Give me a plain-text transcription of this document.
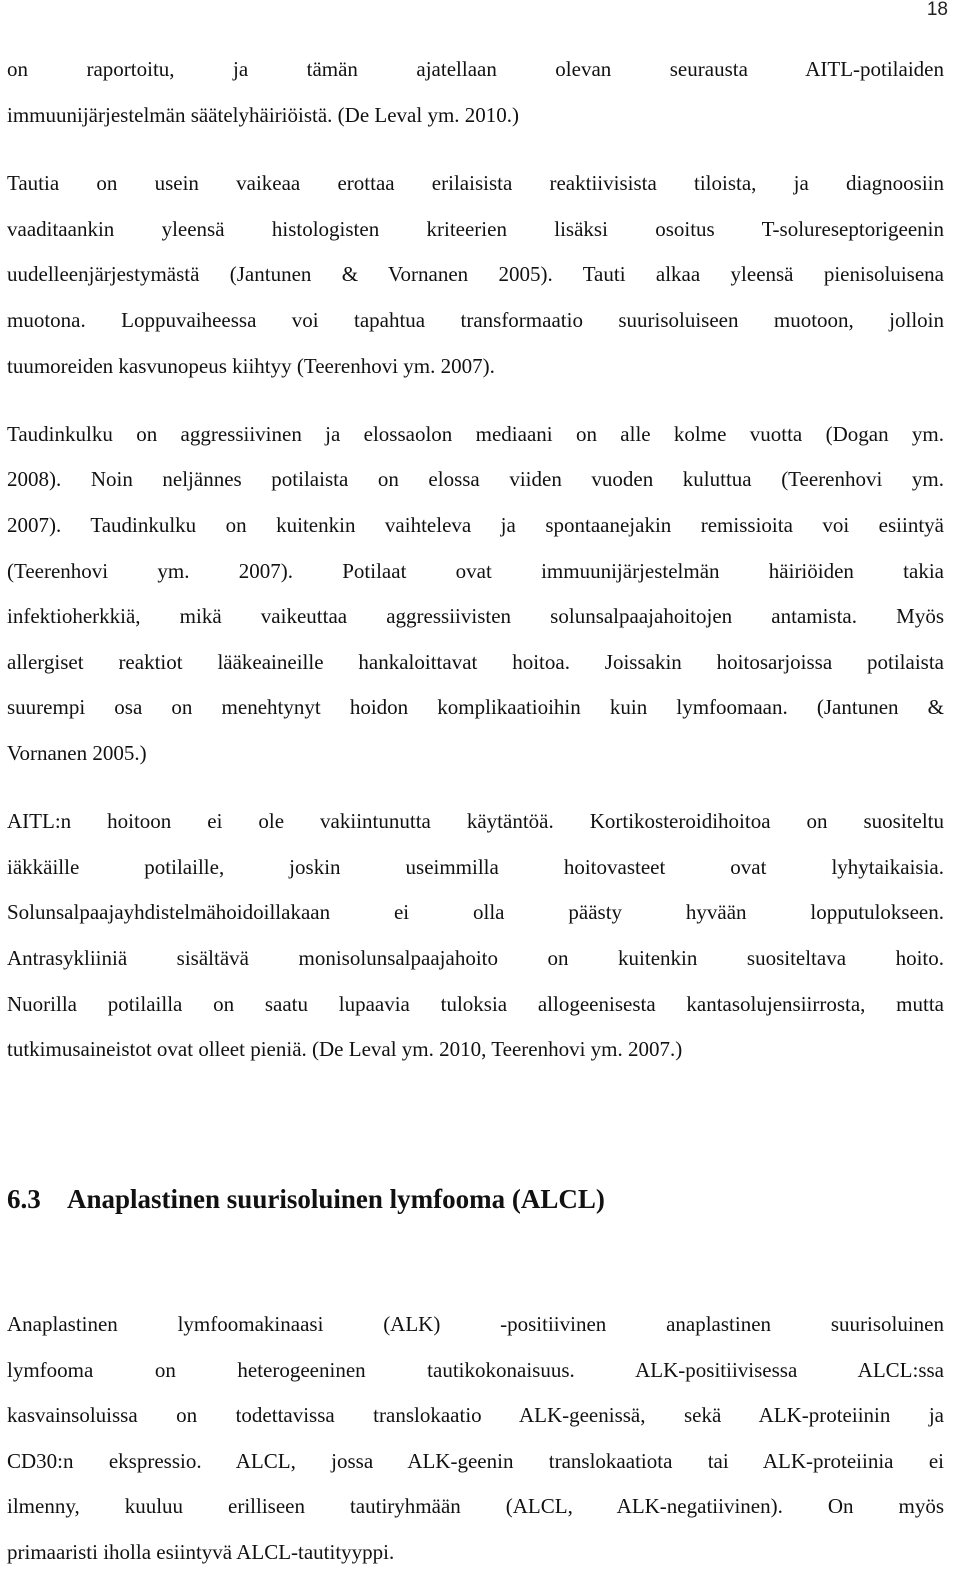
18
on raportoitu, ja tämän ajatellaan olevan seurausta AITL-potilaiden
immuunijärjestelmän säätelyhäiriöistä. (De Leval ym. 2010.)
Tautia on usein vaikeaa erottaa erilaisista reaktiivisista tiloista, ja diagnoosiin
vaaditaankin yleensä histologisten kriteerien lisäksi osoitus T-solureseptorigeenin
uudelleenjärjestymästä (Jantunen & Vornanen 2005). Tauti alkaa yleensä pienisoluisena
muotona. Loppuvaiheessa voi tapahtua transformaatio suurisoluiseen muotoon, jolloin
tuumoreiden kasvunopeus kiihtyy (Teerenhovi ym. 2007).
Taudinkulku on aggressiivinen ja elossaolon mediaani on alle kolme vuotta (Dogan ym.
2008). Noin neljännes potilaista on elossa viiden vuoden kuluttua (Teerenhovi ym.
2007). Taudinkulku on kuitenkin vaihteleva ja spontaanejakin remissioita voi esiintyä
(Teerenhovi ym. 2007). Potilaat ovat immuunijärjestelmän häiriöiden takia
infektioherkkiä, mikä vaikeuttaa aggressiivisten solunsalpaajahoitojen antamista. Myös
allergiset reaktiot lääkeaineille hankaloittavat hoitoa. Joissakin hoitosarjoissa potilaista
suurempi osa on menehtynyt hoidon komplikaatioihin kuin lymfoomaan. (Jantunen &
Vornanen 2005.)
AITL:n hoitoon ei ole vakiintunutta käytäntöä. Kortikosteroidihoitoa on suositeltu
iäkkäille potilaille, joskin useimmilla hoitovasteet ovat lyhytaikaisia.
Solunsalpaajayhdistelmähoidoillakaan ei olla päästy hyvään lopputulokseen.
Antrasykliiniä sisältävä monisolunsalpaajahoito on kuitenkin suositeltava hoito.
Nuorilla potilailla on saatu lupaavia tuloksia allogeenisesta kantasolujensiirrosta, mutta
tutkimusaineistot ovat olleet pieniä. (De Leval ym. 2010, Teerenhovi ym. 2007.)
6.3 Anaplastinen suurisoluinen lymfooma (ALCL)
Anaplastinen lymfoomakinaasi (ALK) -positiivinen anaplastinen suurisoluinen
lymfooma on heterogeeninen tautikokonaisuus. ALK-positiivisessa ALCL:ssa
kasvainsoluissa on todettavissa translokaatio ALK-geenissä, sekä ALK-proteiinin ja
CD30:n ekspressio. ALCL, jossa ALK-geenin translokaatiota tai ALK-proteiinia ei
ilmenny, kuuluu erilliseen tautiryhmään (ALCL, ALK-negatiivinen). On myös
primaaristi iholla esiintyvä ALCL-tautityyppi.
